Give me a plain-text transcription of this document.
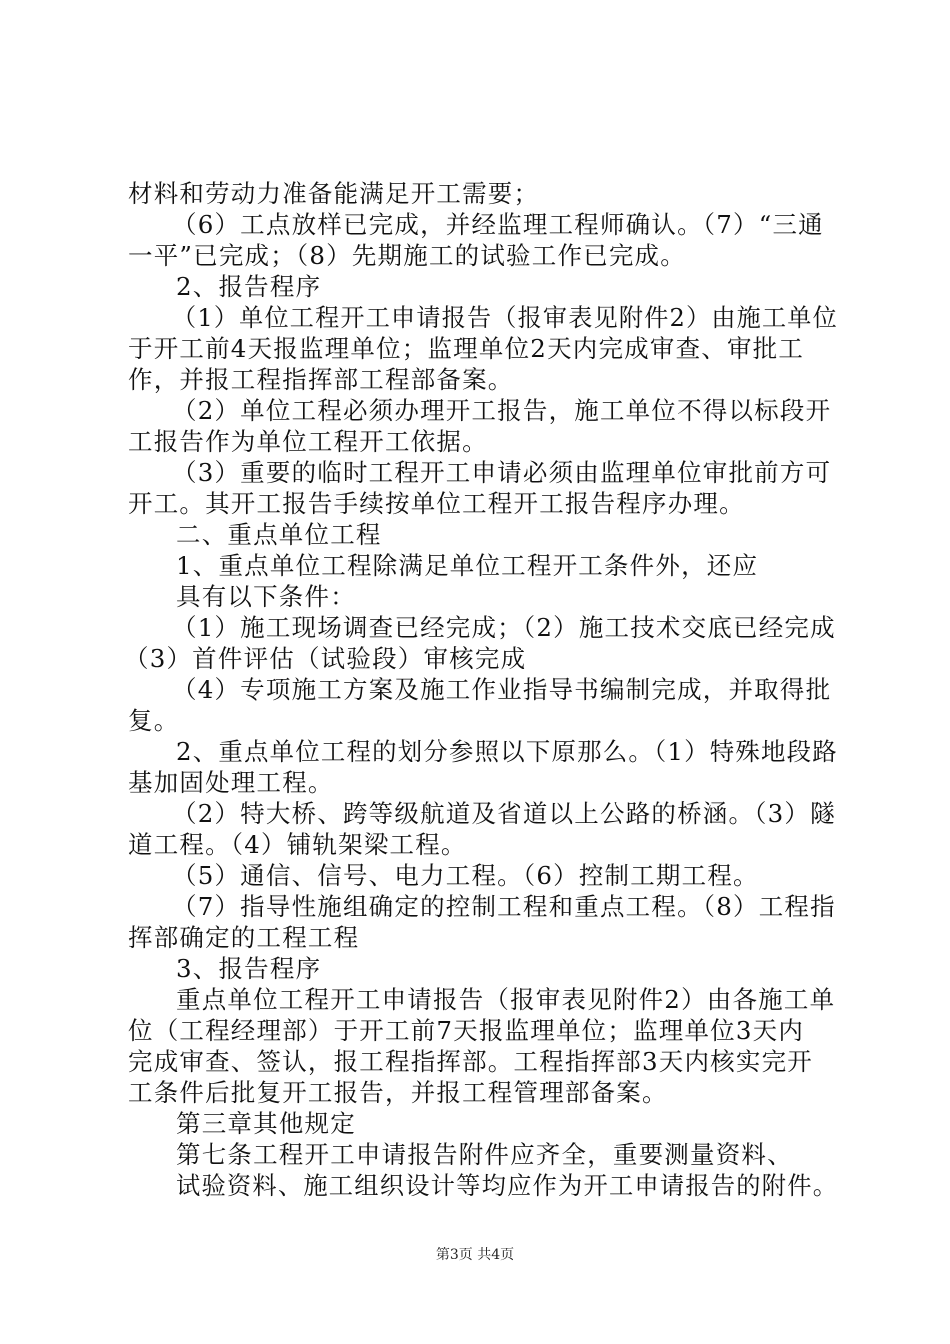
材料和劳动力准备能满足开工需要；
（6）工点放样已完成，并经监理工程师确认。（7）“三通
一平”已完成；（8）先期施工的试验工作已完成。
2、报告程序
（1）单位工程开工申请报告（报审表见附件2）由施工单位
于开工前4天报监理单位；监理单位2天内完成审查、审批工
作，并报工程指挥部工程部备案。
（2）单位工程必须办理开工报告，施工单位不得以标段开
工报告作为单位工程开工依据。
（3）重要的临时工程开工申请必须由监理单位审批前方可
开工。其开工报告手续按单位工程开工报告程序办理。
二、重点单位工程
1、重点单位工程除满足单位工程开工条件外，还应
具有以下条件：
（1）施工现场调查已经完成；（2）施工技术交底已经完成
（3）首件评估（试验段）审核完成
（4）专项施工方案及施工作业指导书编制完成，并取得批
复。
2、重点单位工程的划分参照以下原那么。（1）特殊地段路
基加固处理工程。
（2）特大桥、跨等级航道及省道以上公路的桥涵。（3）隧
道工程。（4）铺轨架梁工程。
（5）通信、信号、电力工程。（6）控制工期工程。
（7）指导性施组确定的控制工程和重点工程。（8）工程指
挥部确定的工程工程
3、报告程序
重点单位工程开工申请报告（报审表见附件2）由各施工单
位（工程经理部）于开工前7天报监理单位；监理单位3天内
完成审查、签认，报工程指挥部。工程指挥部3天内核实完开
工条件后批复开工报告，并报工程管理部备案。
第三章其他规定
第七条工程开工申请报告附件应齐全，重要测量资料、
试验资料、施工组织设计等均应作为开工申请报告的附件。
第3页 共4页
